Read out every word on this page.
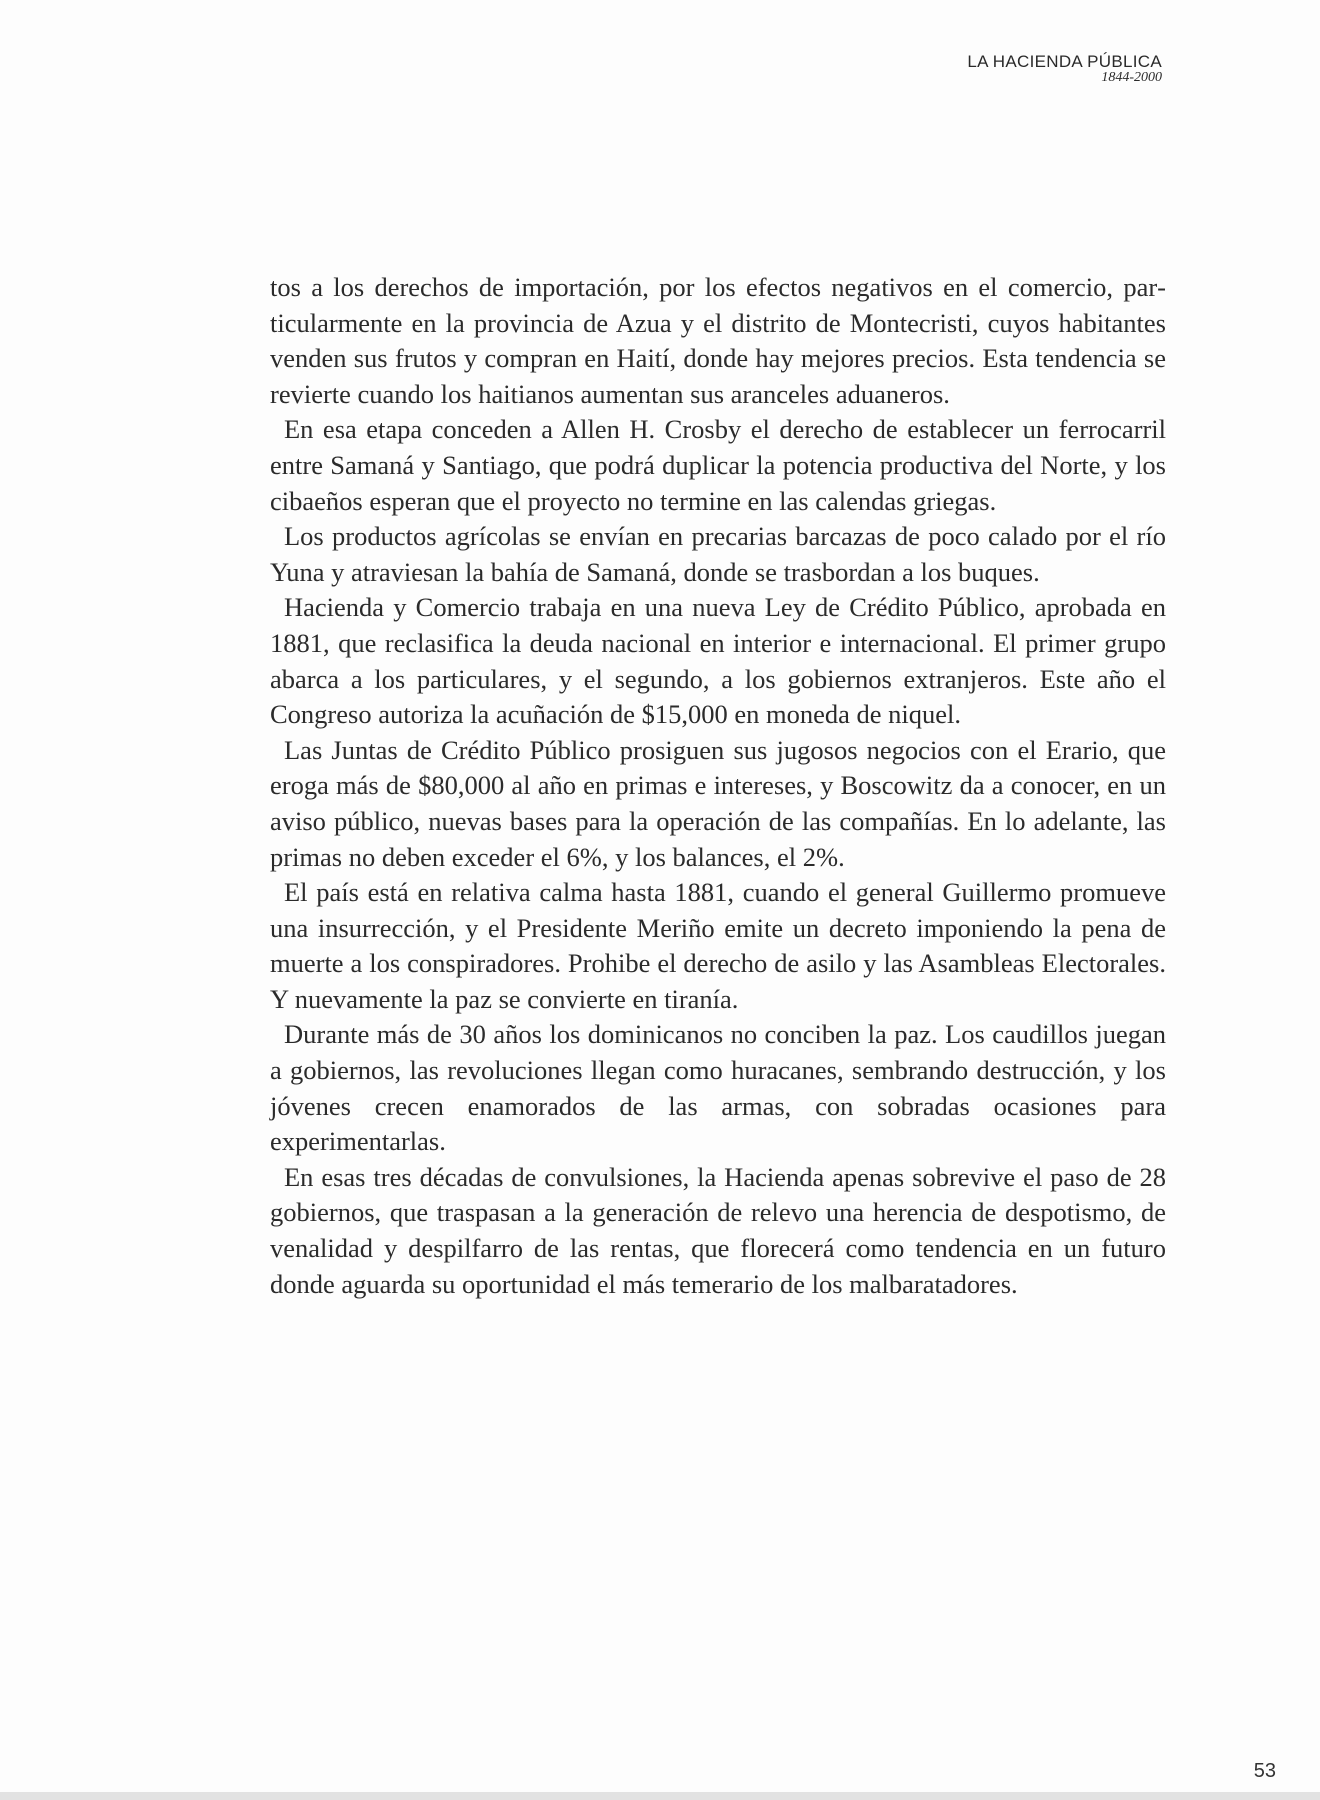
LA HACIENDA PÚBLICA
1844-2000

tos a los derechos de importación, por los efectos negativos en el comercio, particularmente en la provincia de Azua y el distrito de Montecristi, cuyos habitantes venden sus frutos y compran en Haití, donde hay mejores precios. Esta tendencia se revierte cuando los haitianos aumentan sus aranceles aduaneros.

En esa etapa conceden a Allen H. Crosby el derecho de establecer un ferrocarril entre Samaná y Santiago, que podrá duplicar la potencia productiva del Norte, y los cibaeños esperan que el proyecto no termine en las calendas griegas.

Los productos agrícolas se envían en precarias barcazas de poco calado por el río Yuna y atraviesan la bahía de Samaná, donde se trasbordan a los buques.

Hacienda y Comercio trabaja en una nueva Ley de Crédito Público, aprobada en 1881, que reclasifica la deuda nacional en interior e internacional. El primer grupo abarca a los particulares, y el segundo, a los gobiernos extranjeros. Este año el Congreso autoriza la acuñación de $15,000 en moneda de niquel.

Las Juntas de Crédito Público prosiguen sus jugosos negocios con el Erario, que eroga más de $80,000 al año en primas e intereses, y Boscowitz da a conocer, en un aviso público, nuevas bases para la operación de las compañías. En lo adelante, las primas no deben exceder el 6%, y los balances, el 2%.

El país está en relativa calma hasta 1881, cuando el general Guillermo promueve una insurrección, y el Presidente Meriño emite un decreto imponiendo la pena de muerte a los conspiradores. Prohibe el derecho de asilo y las Asambleas Electorales. Y nuevamente la paz se convierte en tiranía.

Durante más de 30 años los dominicanos no conciben la paz. Los caudillos juegan a gobiernos, las revoluciones llegan como huracanes, sembrando destrucción, y los jóvenes crecen enamorados de las armas, con sobradas ocasiones para experimentarlas.

En esas tres décadas de convulsiones, la Hacienda apenas sobrevive el paso de 28 gobiernos, que traspasan a la generación de relevo una herencia de despotismo, de venalidad y despilfarro de las rentas, que florecerá como tendencia en un futuro donde aguarda su oportunidad el más temerario de los malbaratadores.

53
